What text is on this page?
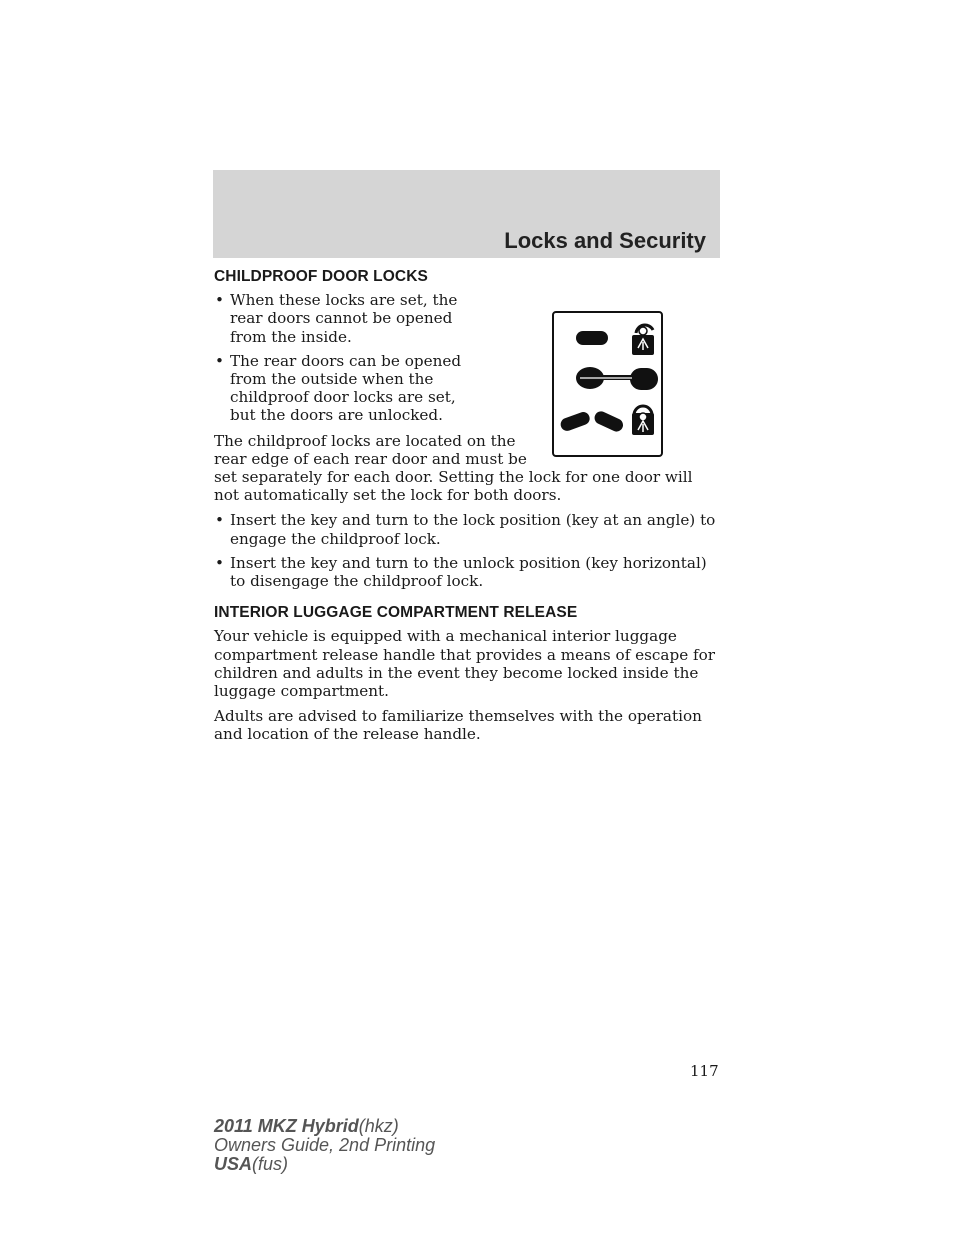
Locks and Security
CHILDPROOF DOOR LOCKS
• When these locks are set, the rear doors cannot be opened from the inside.
• The rear doors can be opened from the outside when the childproof door locks are set, but the doors are unlocked.

The childproof locks are located on the rear edge of each rear door and must be set separately for each door. Setting the lock for one door will not automatically set the lock for both doors.

• Insert the key and turn to the lock position (key at an angle) to engage the childproof lock.
• Insert the key and turn to the unlock position (key horizontal) to disengage the childproof lock.
INTERIOR LUGGAGE COMPARTMENT RELEASE

Your vehicle is equipped with a mechanical interior luggage compartment release handle that provides a means of escape for children and adults in the event they become locked inside the luggage compartment.

Adults are advised to familiarize themselves with the operation and location of the release handle.

117
2011 MKZ Hybrid(hkz)
Owners Guide, 2nd Printing
USA(fus)
